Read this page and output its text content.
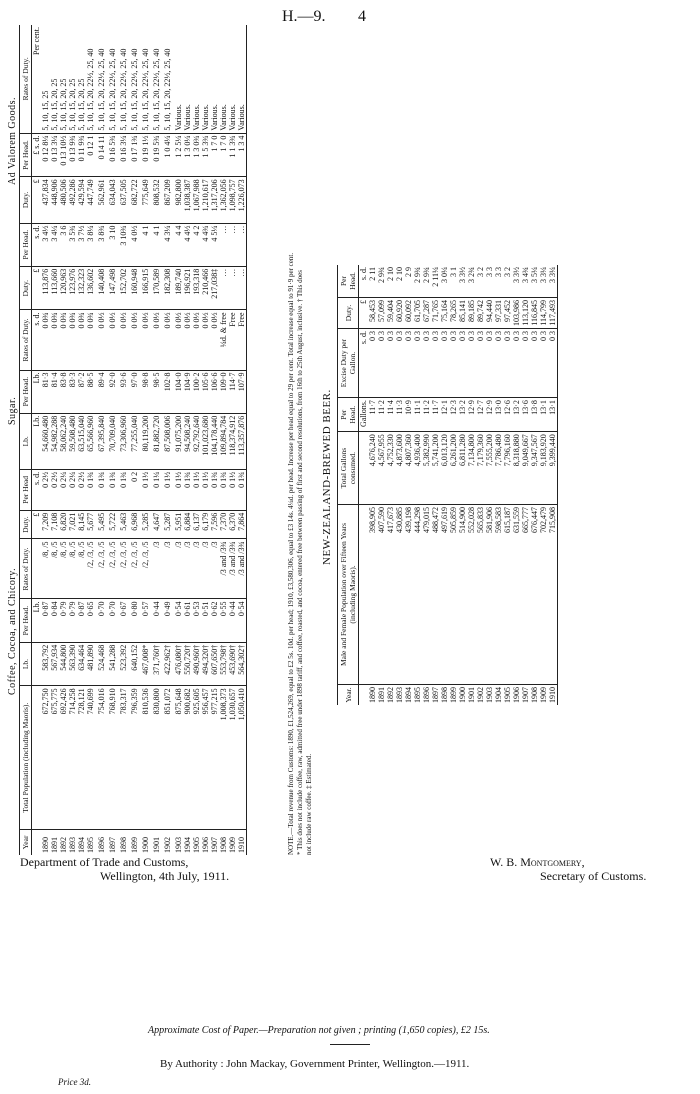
H.—9. 4
Coffee, Cocoa, and Chicory.
Sugar.
Ad Valorem Goods.
Year	Total Population (including Maoris).	Lb.	Per Head.	Rates of Duty.	Duty.	Per Head	Lb.	Per Head.	Rates of Duty.	Duty.	Per Head.	Duty.	Per Head.	Rates of Duty.
			Lb.		£	s. d.	Lb.	Lb.	s. d.	£	s. d.	£	£ s. d.	Per cent.
1890	672,750	583,792	0·87	/8, /5	7,209	0 2½	54,660,480	81·3	0 0¾	113,876	3 4½	437,834	0 12 8¼	5, 10, 15, 25
1891	675,775	567,934	0·84	/8, /5	7,108	0 2½	54,982,288	81·4	0 0¾	113,660	3 4¼	448,906	0 13 3¼	5, 10, 15, 20, 25
1892	692,426	544,800	0·79	/8, /5	6,820	0 2¼	58,062,240	83·8	0 0¾	120,963	3 6	480,506	0 13 10½	5, 10, 15, 20, 25
1893	714,258	563,390	0·79	/8, /5	7,021	0 2¼	59,508,480	83·3	0 0¾	123,976	3 5¾	492,286	0 13 9¾	5, 10, 15, 20, 25
1894	728,121	634,464	0·87	/8, /5	8,145	0 2½	63,515,040	87·2	0 0¾	132,323	3 7½	429,594	0 11 9¾	5, 10, 15, 20, 25
1895	740,699	481,890	0·65	/2, /3, /5	5,677	0 1¾	65,566,960	88·5	0 0¾	136,602	3 8¼	447,749	0 12 1	5, 10, 15, 20, 22½, 25, 40
1896	754,016	524,468	0·70	/2, /3, /5	5,495	0 1¾	67,395,840	89·4	0 0½	140,408	3 8¾	562,961	0 14 11	5, 10, 15, 20, 22½, 25, 40
1897	768,910	541,288	0·70	/2, /3, /5	5,722	0 1¾	70,709,040	92·0	0 0½	147,498	3 10	634,043	0 16 5¾	5, 10, 15, 20, 22½, 25, 40
1898	783,317	523,392	0·67	/2, /3, /5	5,463	0 1¾	73,306,960	93·6	0 0½	152,702	3 10¾	637,505	0 16 3¼	5, 10, 15, 20, 22½, 25, 40
1899	796,359	640,152	0·80	/2, /3, /5	6,968	0 2	77,255,040	97·0	0 0½	160,948	4 0½	682,722	0 17 1¾	5, 10, 15, 20, 22½, 25, 40
1900	810,536	467,008*	0·57	/2, /3, /5	5,285	0 1½	80,119,200	98·8	0 0½	166,915	4 1	775,649	0 19 1½	5, 10, 15, 20, 22½, 25, 40
1901	830,800	371,760†	0·44	/3	4,647	0 1¼	81,882,720	98·5	0 0½	170,589	4 1	808,532	0 19 5¾	5, 10, 15, 20, 22½, 25, 40
1902	851,072	422,962†	0·49	/3	5,287	0 1½	87,508,006	102·8	0 0½	182,308	4 3¼	867,209	1 0 4¼	5, 10, 15, 20, 22½, 25, 40
1903	875,648	476,080†	0·54	/3	5,951	0 1½	91,075,200	104·0	0 0½	189,740	4 4	982,800	1 2 5¼	Various.
1904	900,682	550,720†	0·61	/3	6,884	0 1¾	94,508,240	104·9	0 0½	196,921	4 4½	1,038,387	1 3 0¼	Various.
1905	925,605	490,960†	0·53	/3	6,137	0 1½	92,792,640	100·2	0 0½	193,318	4 2	1,067,988	1 3 0¾	Various.
1906	956,457	494,320†	0·51	/3	6,179	0 1½	101,023,680	105·6	0 0½	210,466	4 4¾	1,210,617	1 5 3¾	Various.
1907	977,215	607,650†	0·62	/3	7,596	0 1¾	104,178,440	106·6	0 0½	217,038‡	4 5¼	1,317,206	1 7 0	Various.
1908	1,008,373	553,798†	0·55	/3 and /3¾	7,370	0 1¾	109,894,784	109·0	¼d. & free	…	…	1,362,056	1 7 0	Various.
1909	1,030,657	453,690†	0·44	/3 and /3¾	6,370	0 1½	118,374,912	114·7	Free	…	…	1,098,757	1 1 3¾	Various.
1910	1,050,410	564,302†	0·54	/3 and /3¾	7,864	0 1¾	113,357,876	107·9	Free	…	…	1,226,073	1 3 4	Various.
NOTE.—Total revenue from Customs: 1890, £1,524,269, equal to £2 5s. 10d. per head; 1910, £3,580,306, equal to £3 14s. 4¼d. per head. Increase per head equal to 29 per cent. Total increase equal to 91·9 per cent. * This does not include coffee, raw, admitted free under 1898 tariff, and coffee, roasted, and cocoa, entered free between passing of first and second resolutions, from 16th to 25th August, inclusive. † This does not include raw coffee. ‡ Estimated.
NEW-ZEALAND-BREWED BEER.
Year.	Male and Female Population over Fifteen Years (including Maoris).	Total Gallons consumed.	Per Head.	Excise Duty per Gallon.	Duty.	Per Head.
			Gallons.	s. d.	£	s. d.
1890	398,905	4,676,240	11·7	0 3	58,453	2 11
1891	407,590	4,567,955	11·2	0 3	57,099	2 9¾
1892	417,673	4,752,330	11·4	0 3	59,404	2 10
1893	430,885	4,873,600	11·3	0 3	60,920	2 10
1894	439,198	4,807,360	10·9	0 3	60,092	2 9
1895	444,298	4,936,400	11·1	0 3	61,705	2 9¾
1896	479,015	5,382,990	11·2	0 3	67,287	2 9¾
1897	488,472	5,741,200	11·7	0 3	71,765	2 11¼
1898	497,619	6,013,120	12·1	0 3	75,164	3 0¼
1899	505,859	6,261,200	12·3	0 3	78,265	3 1
1900	514,900	6,811,280	13·2	0 3	85,141	3 3½
1901	552,028	7,134,800	12·9	0 3	89,185	3 2¾
1902	565,833	7,179,360	12·7	0 3	89,742	3 2
1903	581,906	7,555,200	12·9	0 3	94,440	3 3
1904	598,583	7,786,480	13·0	0 3	97,331	3 3
1905	615,187	7,796,160	12·6	0 3	97,452	3 2
1906	631,559	8,318,880	13·2	0 3	103,986	3 3½
1907	665,777	9,049,667	13·6	0 3	113,120	3 4¾
1908	676,447	9,347,567	13·8	0 3	116,845	3 5¼
1909	702,479	9,183,920	13·1	0 3	114,799	3 3¼
1910	715,908	9,399,440	13·1	0 3	117,493	3 3¼
Department of Trade and Customs,
Wellington, 4th July, 1911.
W. B. Montgomery,
Secretary of Customs.
Approximate Cost of Paper.—Preparation not given ; printing (1,650 copies), £2 15s.
By Authority : John Mackay, Government Printer, Wellington.—1911.
Price 3d.
